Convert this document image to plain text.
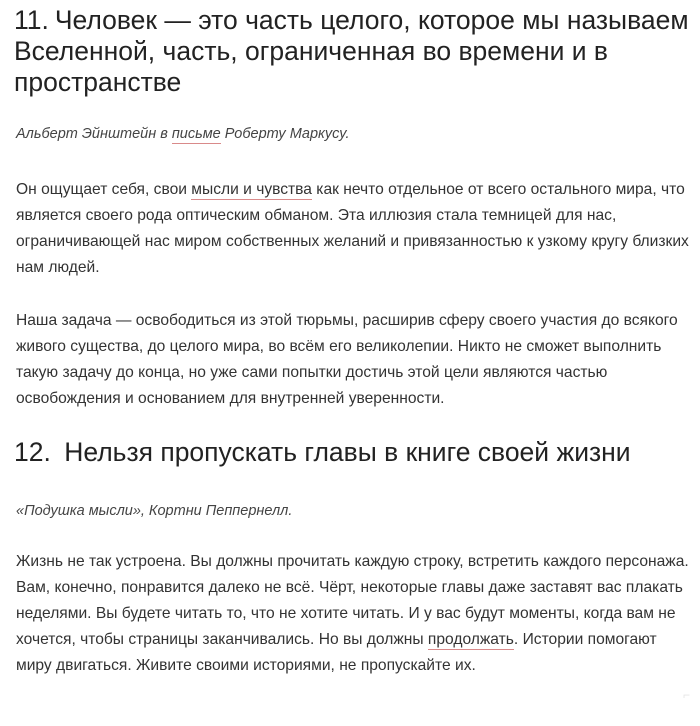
11. Человек — это часть целого, которое мы называем Вселенной, часть, ограниченная во времени и в пространстве

Альберт Эйнштейн в письме Роберту Маркусу.

Он ощущает себя, свои мысли и чувства как нечто отдельное от всего остального мира, что является своего рода оптическим обманом. Эта иллюзия стала темницей для нас, ограничивающей нас миром собственных желаний и привязанностью к узкому кругу близких нам людей.

Наша задача — освободиться из этой тюрьмы, расширив сферу своего участия до всякого живого существа, до целого мира, во всём его великолепии. Никто не сможет выполнить такую задачу до конца, но уже сами попытки достичь этой цели являются частью освобождения и основанием для внутренней уверенности.

12. Нельзя пропускать главы в книге своей жизни

«Подушка мысли», Кортни Пеппернелл.

Жизнь не так устроена. Вы должны прочитать каждую строку, встретить каждого персонажа. Вам, конечно, понравится далеко не всё. Чёрт, некоторые главы даже заставят вас плакать неделями. Вы будете читать то, что не хотите читать. И у вас будут моменты, когда вам не хочется, чтобы страницы заканчивались. Но вы должны продолжать. Истории помогают миру двигаться. Живите своими историями, не пропускайте их.

⌐
